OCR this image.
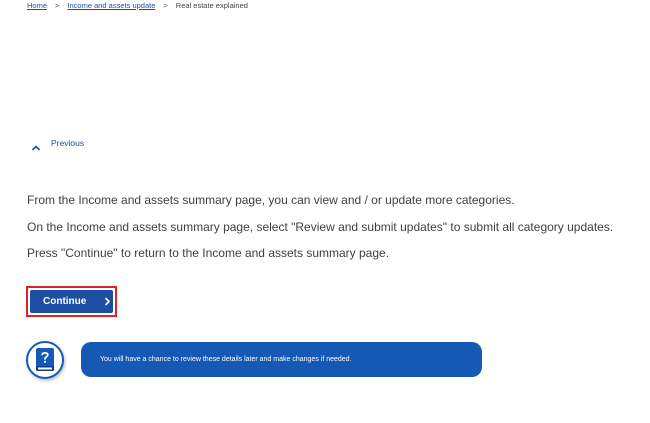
Home > Income and assets update > Real estate explained
Previous

From the Income and assets summary page, you can view and / or update more categories.

On the Income and assets summary page, select "Review and submit updates" to submit all category updates.

Press "Continue" to return to the Income and assets summary page.

Continue
You will have a chance to review these details later and make changes if needed.
